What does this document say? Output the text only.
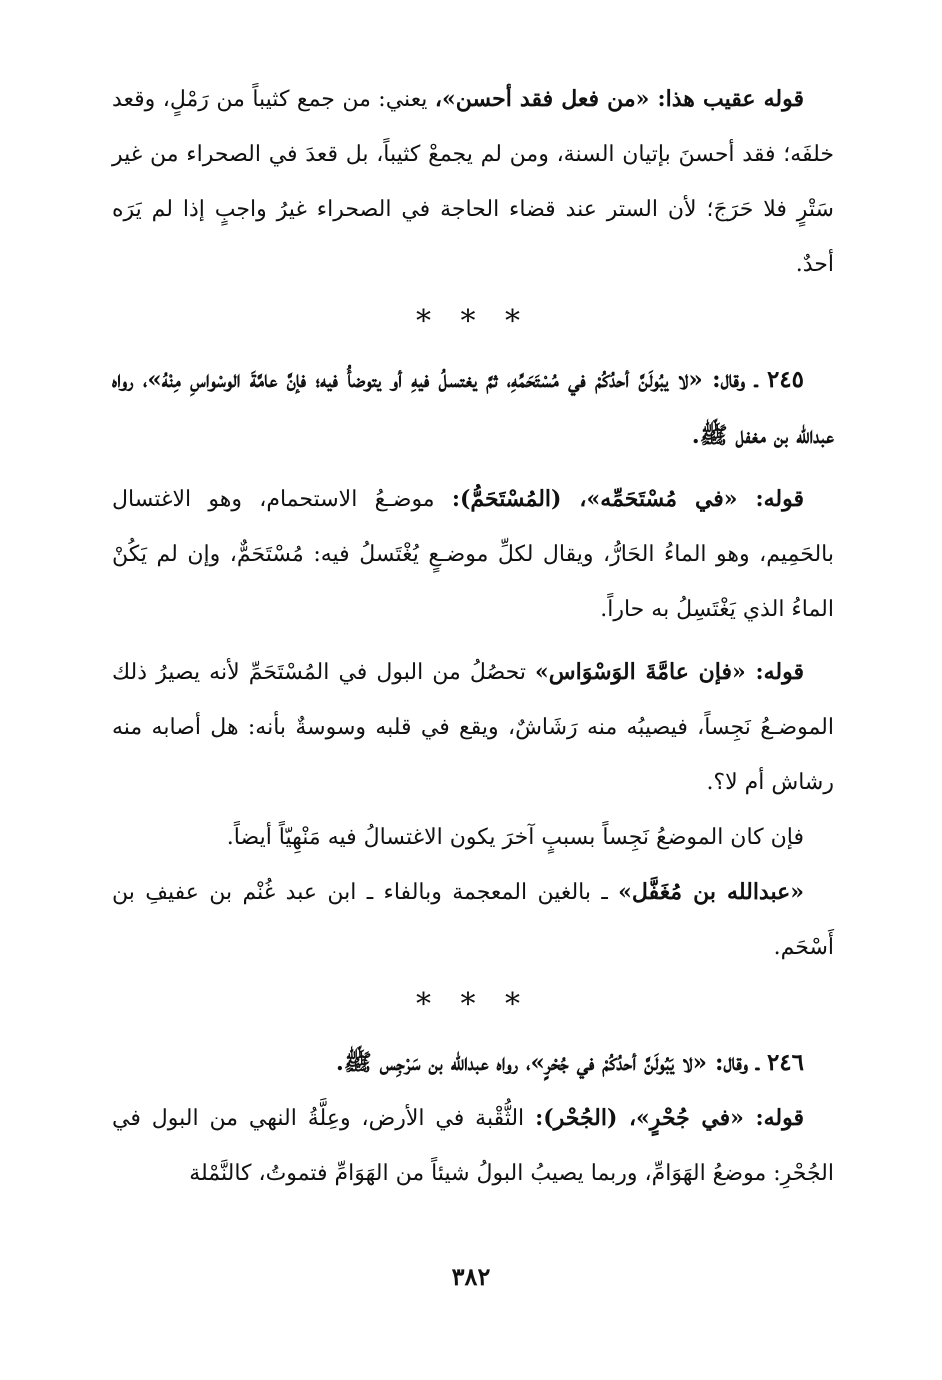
قوله عقيب هذا: «من فعل فقد أحسن»، يعني: من جمع كثيباً من رَمْلٍ، وقعد خلفَه؛ فقد أحسنَ بإتيان السنة، ومن لم يجمعْ كثيباً، بل قعدَ في الصحراء من غير سَتْرٍ فلا حَرَجَ؛ لأن الستر عند قضاء الحاجة في الصحراء غيرُ واجبٍ إذا لم يَرَه أحدٌ.

* * *

٢٤٥ ـ وقال: «لا يبُولَنَّ أحدُكُمْ في مُسْتَحَمِّهِ، ثمَّ يغتسلُ فيهِ أو يتوضأُ فيه؛ فإنَّ عامَّةَ الوسْواسِ مِنْهُ»، رواه عبدالله بن مغفل ﷺ.

قوله: «في مُسْتَحَمِّه»، (المُسْتَحَمُّ): موضـعُ الاستحمام، وهو الاغتسال بالحَمِيم، وهو الماءُ الحَارُّ، ويقال لكلِّ موضـعٍ يُغْتَسلُ فيه: مُسْتَحَمٌّ، وإن لم يَكُنْ الماءُ الذي يَغْتَسِلُ به حاراً.

قوله: «فإن عامَّةَ الوَسْوَاس» تحصُلُ من البول في المُسْتَحَمِّ لأنه يصيرُ ذلك الموضـعُ نَجِساً، فيصيبُه منه رَشَاشٌ، ويقع في قلبه وسوسةٌ بأنه: هل أصابه منه رشاش أم لا؟.

فإن كان الموضعُ نَجِساً بسببٍ آخرَ يكون الاغتسالُ فيه مَنْهِيّاً أيضاً.

«عبدالله بن مُغَفَّل» ـ بالغين المعجمة وبالفاء ـ ابن عبد غُنْم بن عفيفِ بن أَسْحَم.

* * *

٢٤٦ ـ وقال: «لا يَبُولَنَّ أحدُكُمْ في جُحْرٍ»، رواه عبدالله بن سَرْجِس ﷺ.

قوله: «في جُحْرٍ»، (الجُحْر): الثُّقْبة في الأرض، وعِلَّةُ النهي من البول في الجُحْرِ: موضعُ الهَوَامِّ، وربما يصيبُ البولُ شيئاً من الهَوَامِّ فتموتُ، كالنَّمْلة

٣٨٢
